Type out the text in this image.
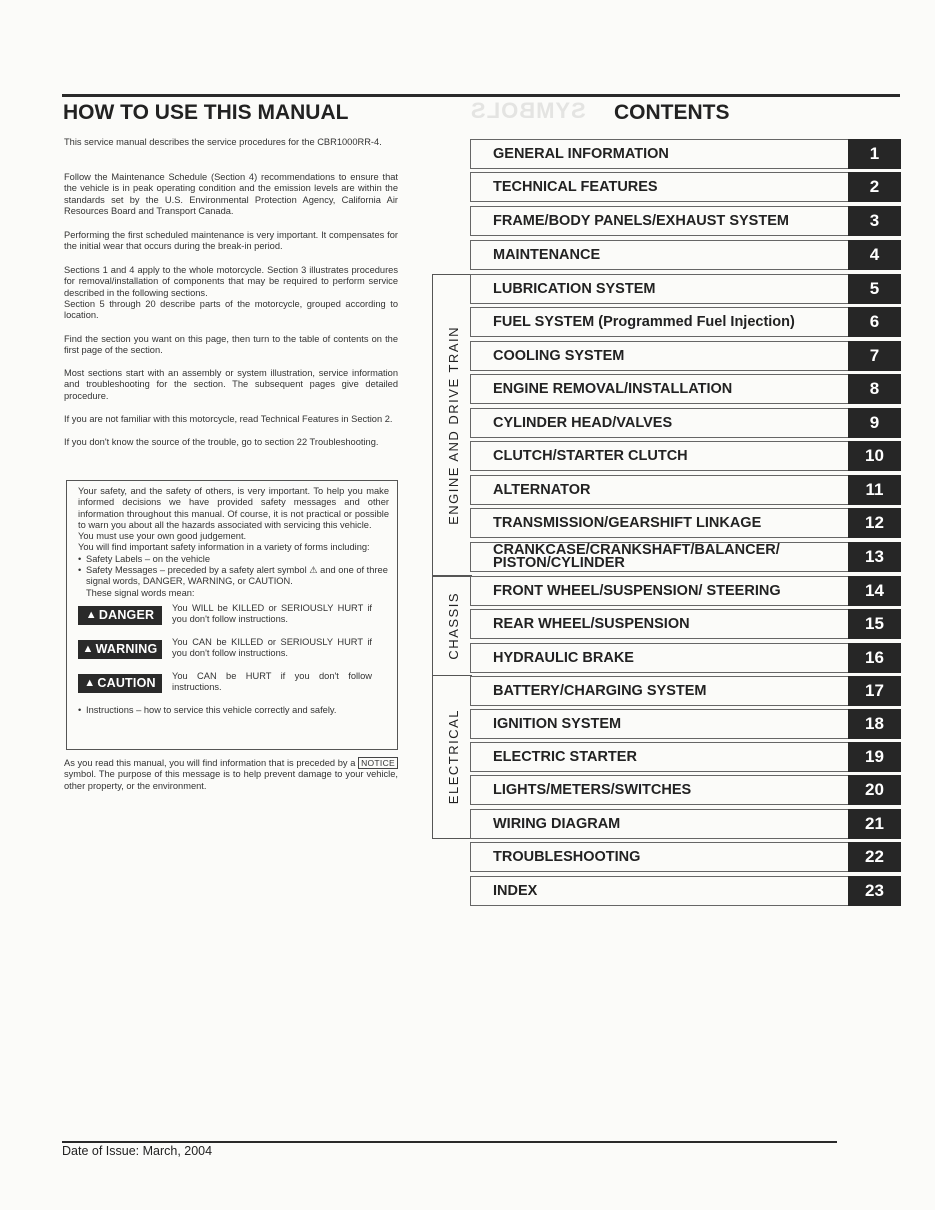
SYMBOLS
HOW TO USE THIS MANUAL	CONTENTS
This service manual describes the service procedures for the CBR1000RR-4.
Follow the Maintenance Schedule (Section 4) recommendations to ensure that the vehicle is in peak operating condition and the emission levels are within the standards set by the U.S. Environmental Protection Agency, California Air Resources Board and Transport Canada.
Performing the first scheduled maintenance is very important. It compensates for the initial wear that occurs during the break-in period.
Sections 1 and 4 apply to the whole motorcycle. Section 3 illustrates procedures for removal/installation of components that may be required to perform service described in the following sections.
Section 5 through 20 describe parts of the motorcycle, grouped according to location.
Find the section you want on this page, then turn to the table of contents on the first page of the section.
Most sections start with an assembly or system illustration, service information and troubleshooting for the section. The subsequent pages give detailed procedure.
If you are not familiar with this motorcycle, read Technical Features in Section 2.
If you don't know the source of the trouble, go to section 22 Troubleshooting.
Your safety, and the safety of others, is very important. To help you make informed decisions we have provided safety messages and other information throughout this manual. Of course, it is not practical or possible to warn you about all the hazards associated with servicing this vehicle.
You must use your own good judgement.
You will find important safety information in a variety of forms including:
• Safety Labels – on the vehicle
• Safety Messages – preceded by a safety alert symbol ⚠ and one of three signal words, DANGER, WARNING, or CAUTION.
These signal words mean:
▲ DANGER You WILL be KILLED or SERIOUSLY HURT if you don't follow instructions.
▲ WARNING You CAN be KILLED or SERIOUSLY HURT if you don't follow instructions.
▲ CAUTION You CAN be HURT if you don't follow instructions.
• Instructions – how to service this vehicle correctly and safely.
As you read this manual, you will find information that is preceded by a NOTICE symbol. The purpose of this message is to help prevent damage to your vehicle, other property, or the environment.
ENGINE AND DRIVE TRAIN
CHASSIS
ELECTRICAL
GENERAL INFORMATION	1
TECHNICAL FEATURES	2
FRAME/BODY PANELS/EXHAUST SYSTEM	3
MAINTENANCE	4
LUBRICATION SYSTEM	5
FUEL SYSTEM (Programmed Fuel Injection)	6
COOLING SYSTEM	7
ENGINE REMOVAL/INSTALLATION	8
CYLINDER HEAD/VALVES	9
CLUTCH/STARTER CLUTCH	10
ALTERNATOR	11
TRANSMISSION/GEARSHIFT LINKAGE	12
CRANKCASE/CRANKSHAFT/BALANCER/ PISTON/CYLINDER	13
FRONT WHEEL/SUSPENSION/ STEERING	14
REAR WHEEL/SUSPENSION	15
HYDRAULIC BRAKE	16
BATTERY/CHARGING SYSTEM	17
IGNITION SYSTEM	18
ELECTRIC STARTER	19
LIGHTS/METERS/SWITCHES	20
WIRING DIAGRAM	21
TROUBLESHOOTING	22
INDEX	23
Date of Issue: March, 2004
